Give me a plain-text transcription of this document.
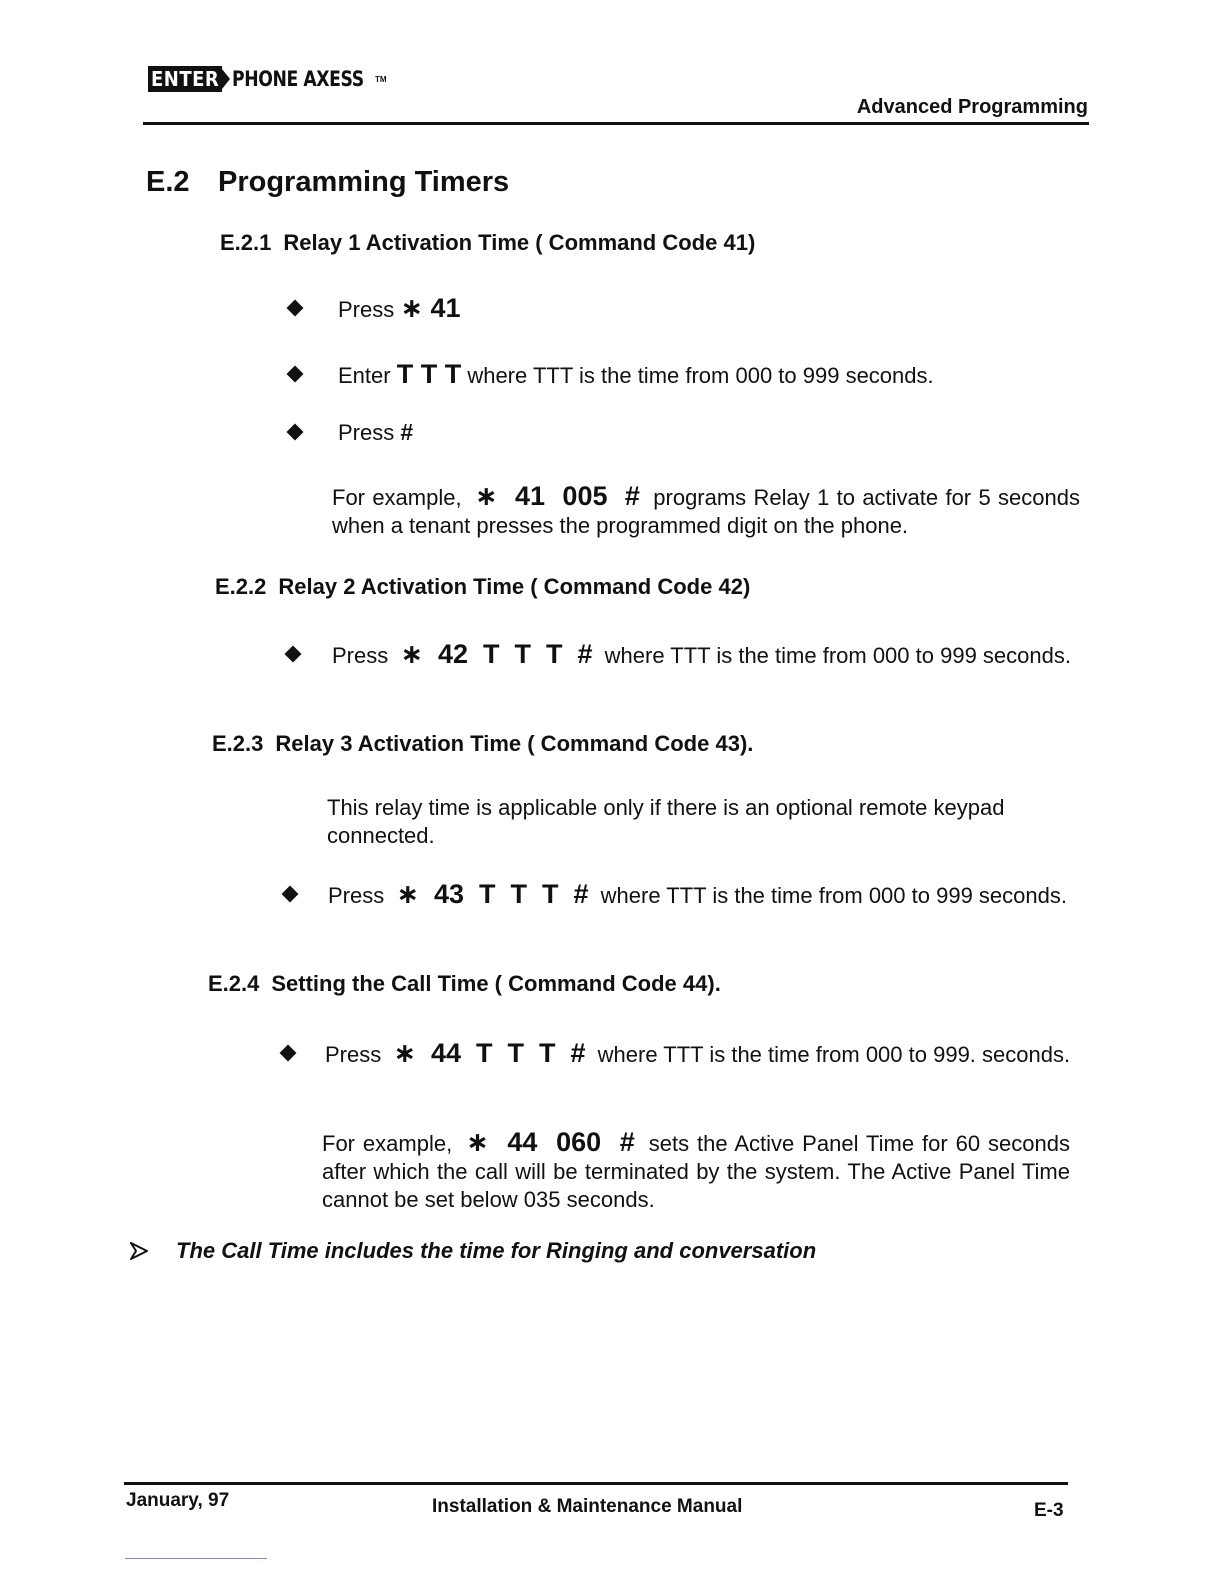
ENTER PHONE AXESS TM
Advanced Programming
E.2 Programming Timers
E.2.1 Relay 1 Activation Time ( Command Code 41)
Press ∗ 41
Enter T T T where TTT is the time from 000 to 999 seconds.
Press #
For example, ∗  41  005  # programs Relay 1 to activate for 5 seconds when a tenant presses the programmed digit on the phone.
E.2.2 Relay 2 Activation Time ( Command Code 42)
Press ∗  42  T  T  T  # where TTT is the time from 000 to 999 seconds.
E.2.3 Relay 3 Activation Time ( Command Code 43).
This relay time is applicable only if there is an optional remote keypad connected.
Press ∗  43  T  T  T  # where TTT is the time from 000 to 999 seconds.
E.2.4 Setting the Call Time ( Command Code 44).
Press ∗  44  T  T  T  # where TTT is the time from 000 to 999. seconds.
For example, ∗  44  060  # sets the Active Panel Time for 60 seconds after which the call will be terminated by the system. The Active Panel Time cannot be set below 035 seconds.
The Call Time includes the time for Ringing and conversation
January, 97	Installation & Maintenance Manual	E-3
